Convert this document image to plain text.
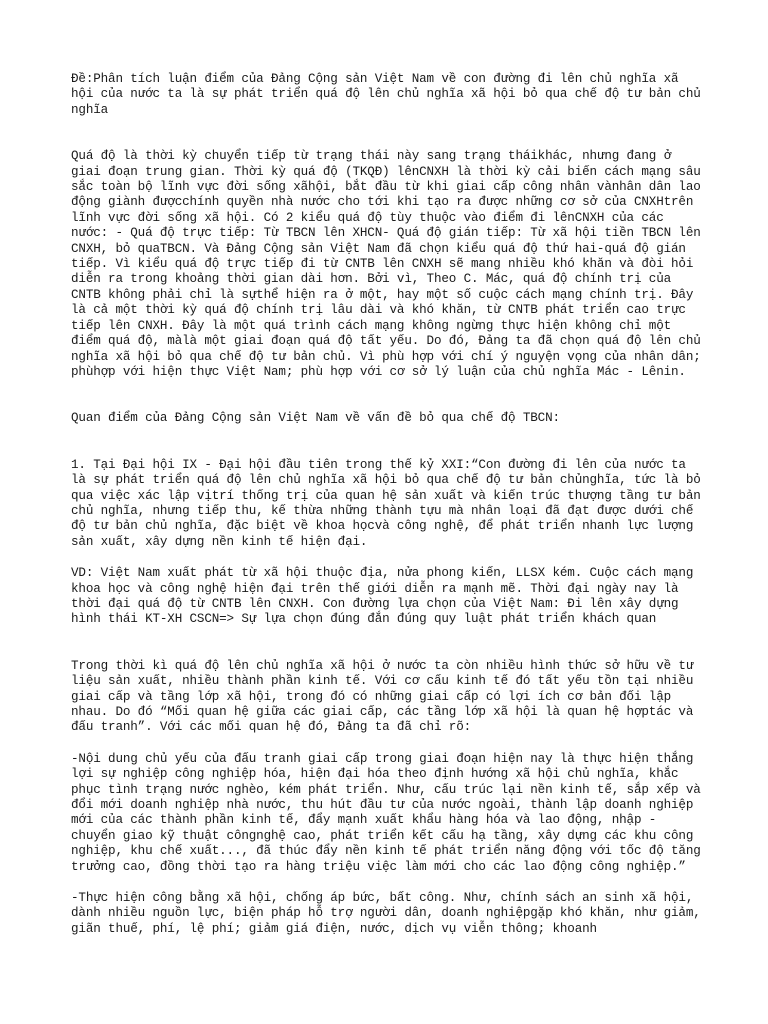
Đề:Phân tích luận điểm của Đảng Cộng sản Việt Nam về con đường đi lên chủ nghĩa xã hội của nước ta là sự phát triển quá độ lên chủ nghĩa xã hội bỏ qua chế độ tư bản chủ nghĩa

Quá độ là thời kỳ chuyển tiếp từ trạng thái này sang trạng tháikhác, nhưng đang ở giai đoạn trung gian. Thời kỳ quá độ (TKQĐ) lênCNXH là thời kỳ cải biến cách mạng sâu sắc toàn bộ lĩnh vực đời sống xãhội, bắt đầu từ khi giai cấp công nhân vànhân dân lao động giành đượcchính quyền nhà nước cho tới khi tạo ra được những cơ sở của CNXHtrên lĩnh vực đời sống xã hội. Có 2 kiểu quá độ tùy thuộc vào điểm đi lênCNXH của các nước: - Quá độ trực tiếp: Từ TBCN lên XHCN- Quá độ gián tiếp: Từ xã hội tiền TBCN lên CNXH, bỏ quaTBCN. Và Đảng Cộng sản Việt Nam đã chọn kiểu quá độ thứ hai-quá độ gián tiếp. Vì kiểu quá độ trực tiếp đi từ CNTB lên CNXH sẽ mang nhiều khó khăn và đòi hỏi diễn ra trong khoảng thời gian dài hơn. Bởi vì, Theo C. Mác, quá độ chính trị của CNTB không phải chỉ là sựthể hiện ra ở một, hay một số cuộc cách mạng chính trị. Đây là cả một thời kỳ quá độ chính trị lâu dài và khó khăn, từ CNTB phát triển cao trực tiếp lên CNXH. Đây là một quá trình cách mạng không ngừng thực hiện không chỉ một điểm quá độ, màlà một giai đoạn quá độ tất yếu. Do đó, Đảng ta đã chọn quá độ lên chủ nghĩa xã hội bỏ qua chế độ tư bản chủ. Vì phù hợp với chí ý nguyện vọng của nhân dân; phùhợp với hiện thực Việt Nam; phù hợp với cơ sở lý luận của chủ nghĩa Mác - Lênin.

Quan điểm của Đảng Cộng sản Việt Nam về vấn đề bỏ qua chế độ TBCN:

1. Tại Đại hội IX - Đại hội đầu tiên trong thế kỷ XXI:“Con đường đi lên của nước ta là sự phát triển quá độ lên chủ nghĩa xã hội bỏ qua chế độ tư bản chủnghĩa, tức là bỏ qua việc xác lập vịtrí thống trị của quan hệ sản xuất và kiến trúc thượng tầng tư bản chủ nghĩa, nhưng tiếp thu, kế thừa những thành tựu mà nhân loại đã đạt được dưới chế độ tư bản chủ nghĩa, đặc biệt về khoa họcvà công nghệ, để phát triển nhanh lực lượng sản xuất, xây dựng nền kinh tế hiện đại.

VD: Việt Nam xuất phát từ xã hội thuộc địa, nửa phong kiến, LLSX kém. Cuộc cách mạng khoa học và công nghệ hiện đại trên thế giới diễn ra mạnh mẽ. Thời đại ngày nay là thời đại quá độ từ CNTB lên CNXH. Con đường lựa chọn của Việt Nam: Đi lên xây dựng hình thái KT-XH CSCN=> Sự lựa chọn đúng đắn đúng quy luật phát triển khách quan

Trong thời kì quá độ lên chủ nghĩa xã hội ở nước ta còn nhiều hình thức sở hữu về tư liệu sản xuất, nhiều thành phần kinh tế. Với cơ cấu kinh tế đó tất yếu tồn tại nhiều giai cấp và tầng lớp xã hội, trong đó có những giai cấp có lợi ích cơ bản đối lập nhau. Do đó “Mối quan hệ giữa các giai cấp, các tầng lớp xã hội là quan hệ hợptác và đấu tranh”. Với các mối quan hệ đó, Đảng ta đã chỉ rõ:

-Nội dung chủ yếu của đấu tranh giai cấp trong giai đoạn hiện nay là thực hiện thắng lợi sự nghiệp công nghiệp hóa, hiện đại hóa theo định hướng xã hội chủ nghĩa, khắc phục tình trạng nước nghèo, kém phát triển. Như, cấu trúc lại nền kinh tế, sắp xếp và đổi mới doanh nghiệp nhà nước, thu hút đầu tư của nước ngoài, thành lập doanh nghiệp mới của các thành phần kinh tế, đẩy mạnh xuất khẩu hàng hóa và lao động, nhập - chuyển giao kỹ thuật côngnghệ cao, phát triển kết cấu hạ tầng, xây dựng các khu công nghiệp, khu chế xuất..., đã thúc đẩy nền kinh tế phát triển năng động với tốc độ tăng trưởng cao, đồng thời tạo ra hàng triệu việc làm mới cho các lao động công nghiệp.”

-Thực hiện công bằng xã hội, chống áp bức, bất công. Như, chính sách an sinh xã hội, dành nhiều nguồn lực, biện pháp hỗ trợ người dân, doanh nghiệpgặp khó khăn, như giảm, giãn thuế, phí, lệ phí; giảm giá điện, nước, dịch vụ viễn thông; khoanh
